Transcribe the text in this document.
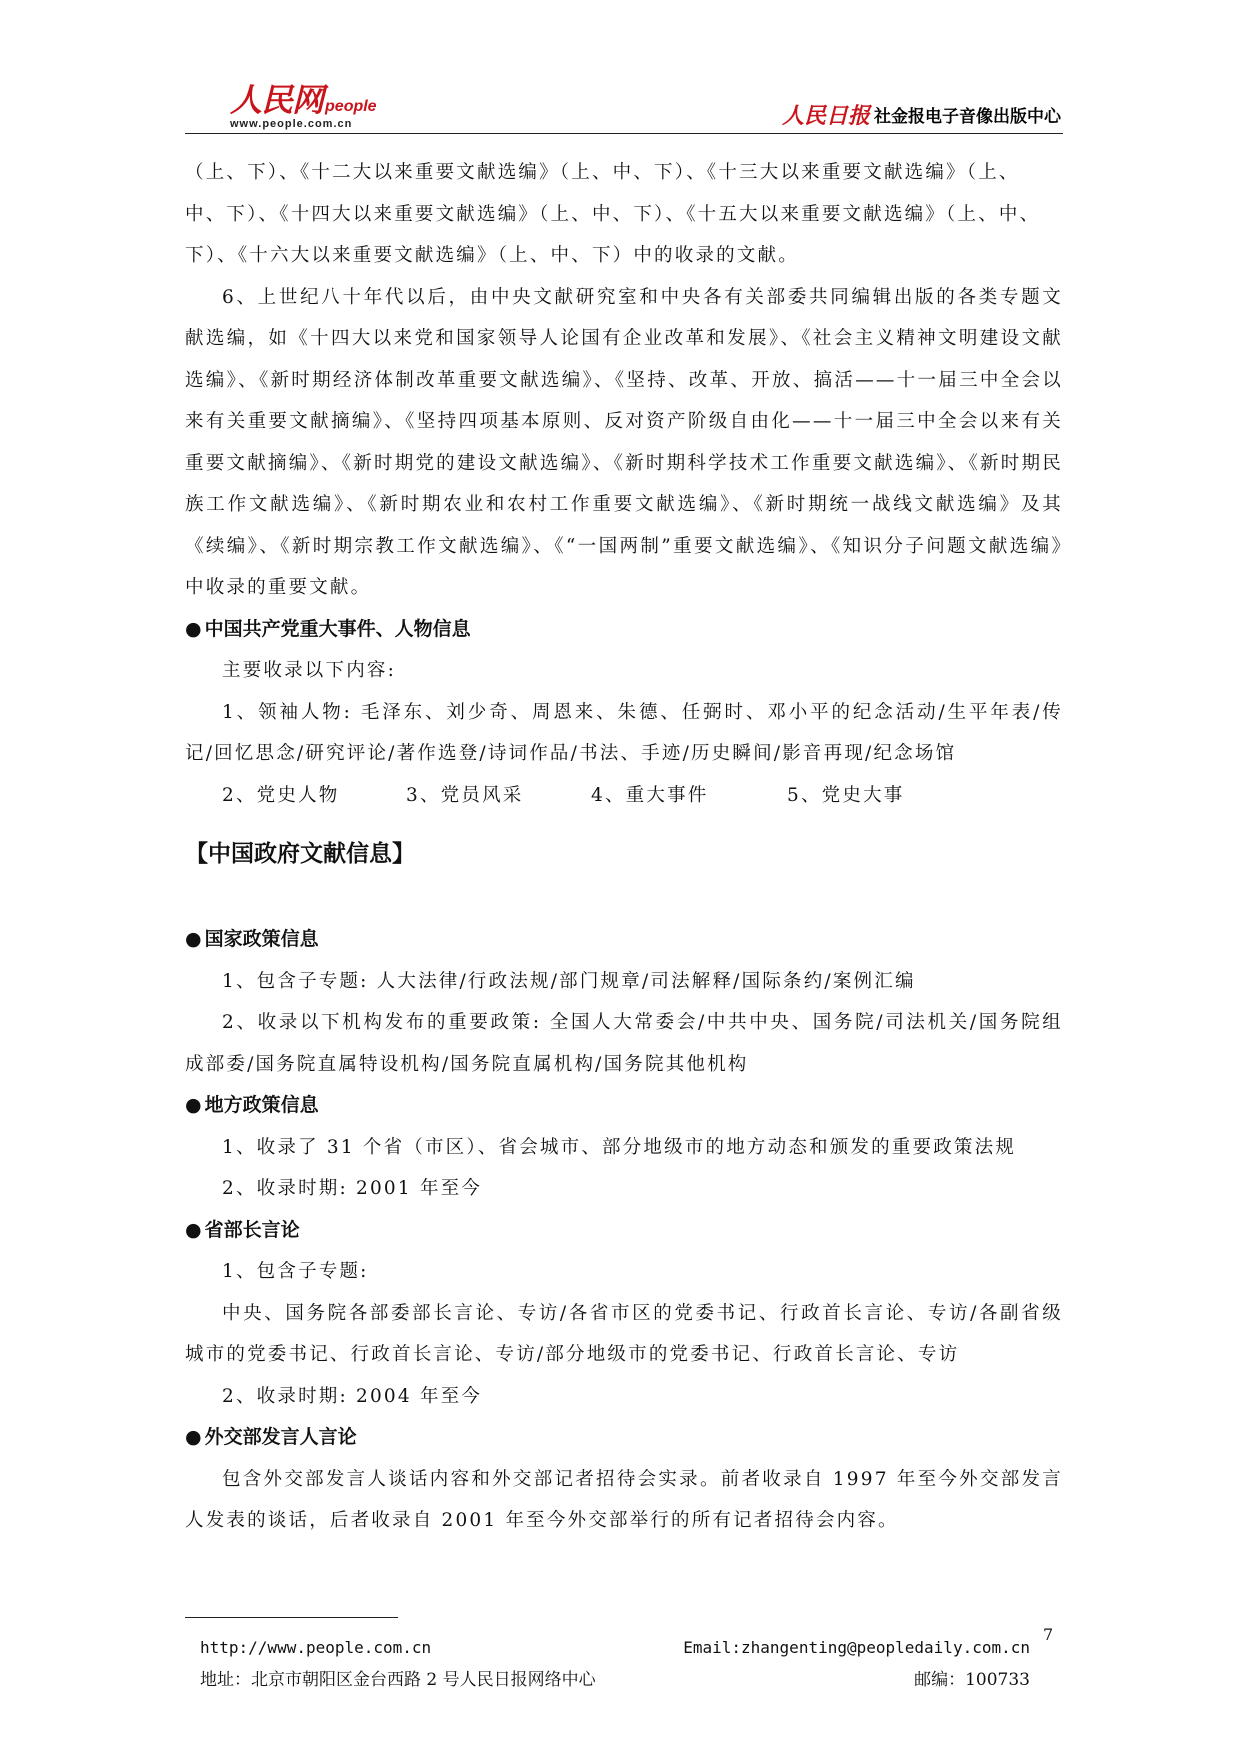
人民网 people
www.people.com.cn	人民日报 社金报电子音像出版中心

（上、下）、《十二大以来重要文献选编》（上、中、下）、《十三大以来重要文献选编》（上、

中、下）、《十四大以来重要文献选编》（上、中、下）、《十五大以来重要文献选编》（上、中、

下）、《十六大以来重要文献选编》（上、中、下）中的收录的文献。

6、上世纪八十年代以后，由中央文献研究室和中央各有关部委共同编辑出版的各类专题文献选编，如《十四大以来党和国家领导人论国有企业改革和发展》、《社会主义精神文明建设文献选编》、《新时期经济体制改革重要文献选编》、《坚持、改革、开放、搞活——十一届三中全会以来有关重要文献摘编》、《坚持四项基本原则、反对资产阶级自由化——十一届三中全会以来有关重要文献摘编》、《新时期党的建设文献选编》、《新时期科学技术工作重要文献选编》、《新时期民族工作文献选编》、《新时期农业和农村工作重要文献选编》、《新时期统一战线文献选编》及其《续编》、《新时期宗教工作文献选编》、《“一国两制”重要文献选编》、《知识分子问题文献选编》中收录的重要文献。

● 中国共产党重大事件、人物信息

主要收录以下内容:

1、领袖人物: 毛泽东、刘少奇、周恩来、朱德、任弼时、邓小平的纪念活动/生平年表/传记/回忆思念/研究评论/著作选登/诗词作品/书法、手迹/历史瞬间/影音再现/纪念场馆

2、党史人物	3、党员风采	4、重大事件	5、党史大事

【中国政府文献信息】

● 国家政策信息

1、包含子专题: 人大法律/行政法规/部门规章/司法解释/国际条约/案例汇编

2、收录以下机构发布的重要政策: 全国人大常委会/中共中央、国务院/司法机关/国务院组成部委/国务院直属特设机构/国务院直属机构/国务院其他机构

● 地方政策信息

1、收录了 31 个省（市区）、省会城市、部分地级市的地方动态和颁发的重要政策法规

2、收录时期: 2001 年至今

● 省部长言论

1、包含子专题:

中央、国务院各部委部长言论、专访/各省市区的党委书记、行政首长言论、专访/各副省级城市的党委书记、行政首长言论、专访/部分地级市的党委书记、行政首长言论、专访

2、收录时期: 2004 年至今

● 外交部发言人言论

包含外交部发言人谈话内容和外交部记者招待会实录。前者收录自 1997 年至今外交部发言人发表的谈话，后者收录自 2001 年至今外交部举行的所有记者招待会内容。

7
http://www.people.com.cn	Email:zhangenting@peopledaily.com.cn
地址：北京市朝阳区金台西路 2 号人民日报网络中心	邮编：100733
